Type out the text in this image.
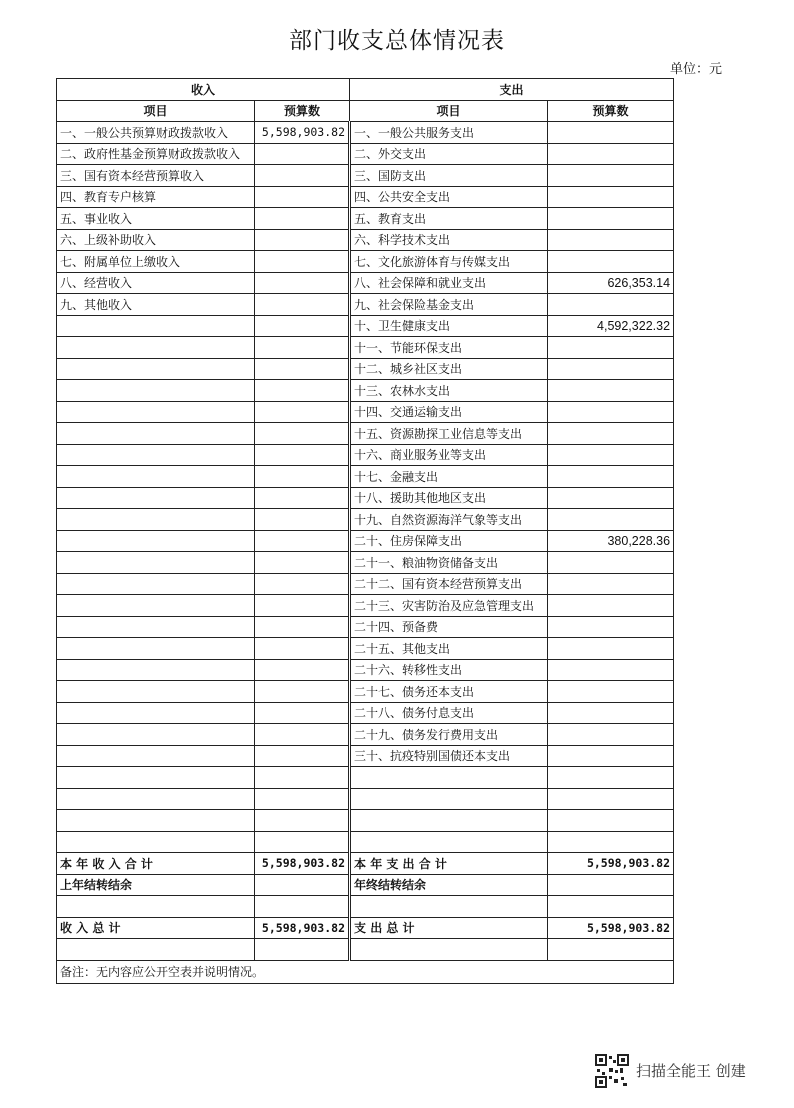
部门收支总体情况表
单位：元
收入		支出	
项目	预算数	项目	预算数
一、一般公共预算财政拨款收入	5,598,903.82	一、一般公共服务支出	
二、政府性基金预算财政拨款收入		二、外交支出	
三、国有资本经营预算收入		三、国防支出	
四、教育专户核算		四、公共安全支出	
五、事业收入		五、教育支出	
六、上级补助收入		六、科学技术支出	
七、附属单位上缴收入		七、文化旅游体育与传媒支出	
八、经营收入		八、社会保障和就业支出	626,353.14
九、其他收入		九、社会保险基金支出	
		十、卫生健康支出	4,592,322.32
		十一、节能环保支出	
		十二、城乡社区支出	
		十三、农林水支出	
		十四、交通运输支出	
		十五、资源勘探工业信息等支出	
		十六、商业服务业等支出	
		十七、金融支出	
		十八、援助其他地区支出	
		十九、自然资源海洋气象等支出	
		二十、住房保障支出	380,228.36
		二十一、粮油物资储备支出	
		二十二、国有资本经营预算支出	
		二十三、灾害防治及应急管理支出	
		二十四、预备费	
		二十五、其他支出	
		二十六、转移性支出	
		二十七、债务还本支出	
		二十八、债务付息支出	
		二十九、债务发行费用支出	
		三十、抗疫特别国债还本支出	

本 年 收 入 合 计	5,598,903.82	本 年 支 出 合 计	5,598,903.82
上年结转结余		年终结转结余	

收 入 总 计	5,598,903.82	支 出 总 计	5,598,903.82

备注：无内容应公开空表并说明情况。			
扫描全能王 创建
